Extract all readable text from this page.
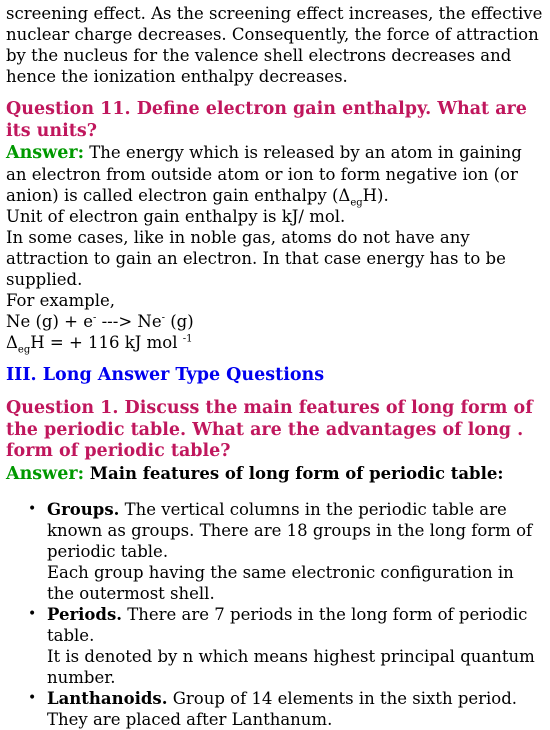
screening effect. As the screening effect increases, the effective nuclear charge decreases. Consequently, the force of attraction by the nucleus for the valence shell electrons decreases and hence the ionization enthalpy decreases.

Question 11. Define electron gain enthalpy. What are its units?

Answer: The energy which is released by an atom in gaining an electron from outside atom or ion to form negative ion (or anion) is called electron gain enthalpy $(\Delta_{eg}H)$.

Unit of electron gain enthalpy is kJ/ mol.

In some cases, like in noble gas, atoms do not have any attraction to gain an electron. In that case energy has to be supplied.

For example,

Ne (g) + e- ---> Ne- (g)

$\Delta_{eg}H$ = + 116 kJ mol $^{-1}$

III. Long Answer Type Questions

Question 1. Discuss the main features of long form of the periodic table. What are the advantages of long . form of periodic table?

Answer: Main features of long form of periodic table:

• Groups. The vertical columns in the periodic table are known as groups. There are 18 groups in the long form of periodic table.
Each group having the same electronic configuration in the outermost shell.
• Periods. There are 7 periods in the long form of periodic table.
It is denoted by n which means highest principal quantum number.
• Lanthanoids. Group of 14 elements in the sixth period. They are placed after Lanthanum.
